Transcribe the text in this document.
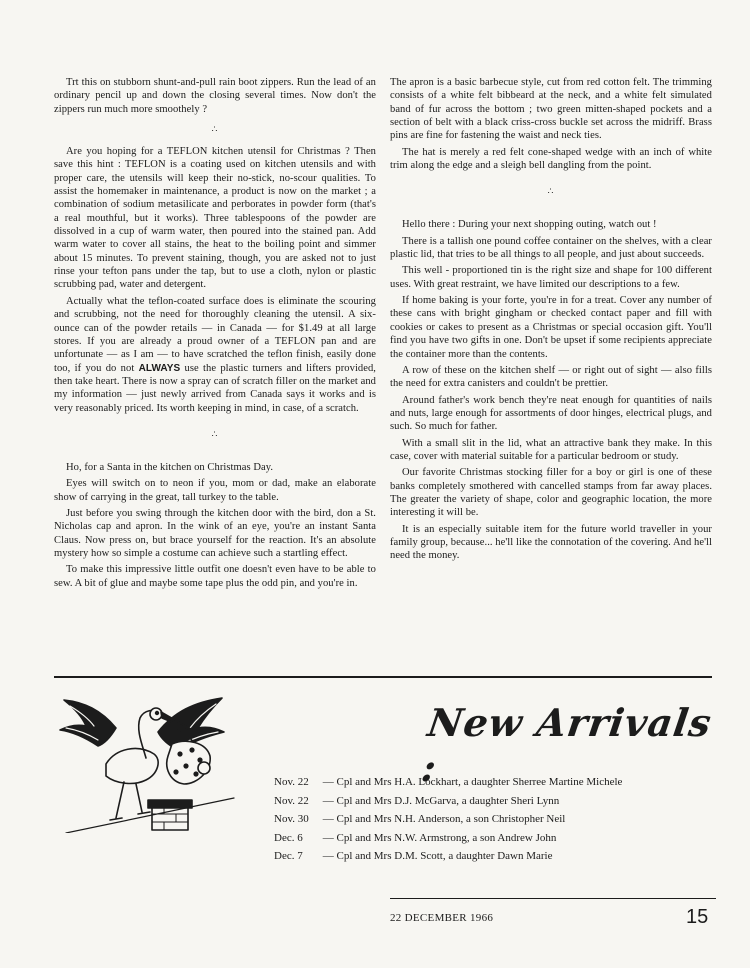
Trt this on stubborn shunt-and-pull rain boot zippers. Run the lead of an ordinary pencil up and down the closing several times. Now don't the zippers run much more smoothely ?

∴

Are you hoping for a TEFLON kitchen utensil for Christmas ? Then save this hint : TEFLON is a coating used on kitchen utensils and with proper care, the utensils will keep their no-stick, no-scour qualities. To assist the homemaker in maintenance, a product is now on the market ; a combination of sodium metasilicate and perborates in powder form (that's a real mouthful, but it works). Three tablespoons of the powder are dissolved in a cup of warm water, then poured into the stained pan. Add warm water to cover all stains, the heat to the boiling point and simmer about 15 minutes. To prevent staining, though, you are asked not to just rinse your tefton pans under the tap, but to use a cloth, nylon or plastic scrubbing pad, water and detergent.

Actually what the teflon-coated surface does is eliminate the scouring and scrubbing, not the need for thoroughly cleaning the utensil. A six-ounce can of the powder retails — in Canada — for $1.49 at all large stores. If you are already a proud owner of a TEFLON pan and are unfortunate — as I am — to have scratched the teflon finish, easily done too, if you do not ALWAYS use the plastic turners and lifters provided, then take heart. There is now a spray can of scratch filler on the market and my information — just newly arrived from Canada says it works and is very reasonably priced. Its worth keeping in mind, in case, of a scratch.

∴

Ho, for a Santa in the kitchen on Christmas Day.

Eyes will switch on to neon if you, mom or dad, make an elaborate show of carrying in the great, tall turkey to the table.

Just before you swing through the kitchen door with the bird, don a St. Nicholas cap and apron. In the wink of an eye, you're an instant Santa Claus. Now press on, but brace yourself for the reaction. It's an absolute mystery how so simple a costume can achieve such a startling effect.

To make this impressive little outfit one doesn't even have to be able to sew. A bit of glue and maybe some tape plus the odd pin, and you're in.

The apron is a basic barbecue style, cut from red cotton felt. The trimming consists of a white felt bibbeard at the neck, and a white felt simulated band of fur across the bottom ; two green mitten-shaped pockets and a section of belt with a black criss-cross buckle set across the midriff. Brass pins are fine for fastening the waist and neck ties.

The hat is merely a red felt cone-shaped wedge with an inch of white trim along the edge and a sleigh bell dangling from the point.

∴

Hello there : During your next shopping outing, watch out !

There is a tallish one pound coffee container on the shelves, with a clear plastic lid, that tries to be all things to all people, and just about succeeds.

This well - proportioned tin is the right size and shape for 100 different uses. With great restraint, we have limited our descriptions to a few.

If home baking is your forte, you're in for a treat. Cover any number of these cans with bright gingham or checked contact paper and fill with cookies or cakes to present as a Christmas or special occasion gift. You'll find you have two gifts in one. Don't be upset if some recipients appreciate the container more than the contents.

A row of these on the kitchen shelf — or right out of sight — also fills the need for extra canisters and couldn't be prettier.

Around father's work bench they're neat enough for quantities of nails and nuts, large enough for assortments of door hinges, electrical plugs, and such. So much for father.

With a small slit in the lid, what an attractive bank they make. In this case, cover with material suitable for a particular bedroom or study.

Our favorite Christmas stocking filler for a boy or girl is one of these banks completely smothered with cancelled stamps from far away places. The greater the variety of shape, color and geographic location, the more interesting it will be.

It is an especially suitable item for the future world traveller in your family group, because... he'll like the connotation of the covering. And he'll need the money.

New Arrivals :
Nov. 22 — Cpl and Mrs H.A. Lockhart, a daughter Sherree Martine Michele
Nov. 22 — Cpl and Mrs D.J. McGarva, a daughter Sheri Lynn
Nov. 30 — Cpl and Mrs N.H. Anderson, a son Christopher Neil
Dec. 6 — Cpl and Mrs N.W. Armstrong, a son Andrew John
Dec. 7 — Cpl and Mrs D.M. Scott, a daughter Dawn Marie
22 DECEMBER 1966	15
